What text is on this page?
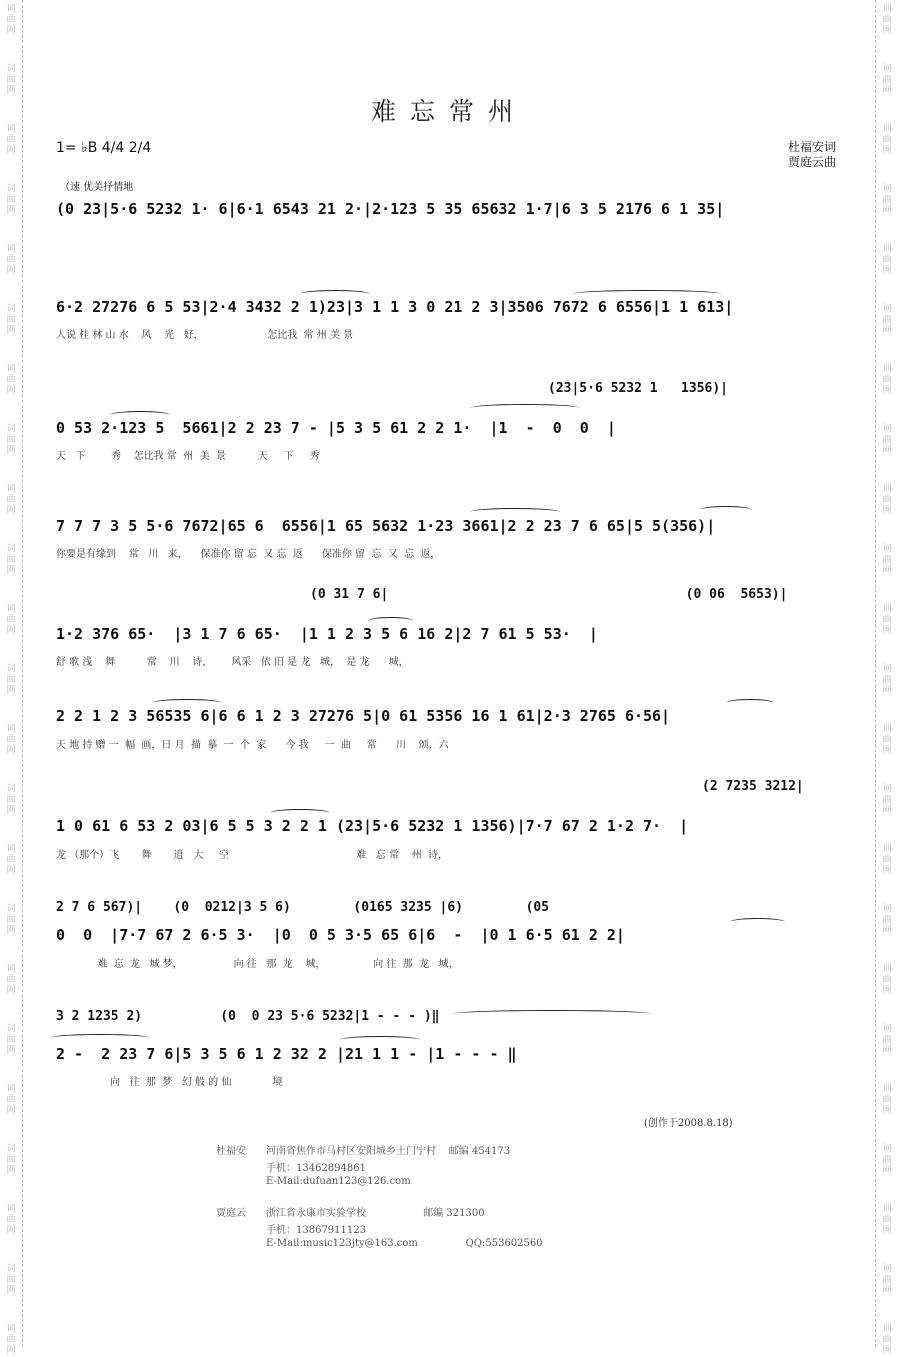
词
曲
网
词
曲
网
词
曲
网
词
曲
网
词
曲
网
词
曲
网
词
曲
网
词
曲
网
词
曲
网
词
曲
网
词
曲
网
词
曲
网
词
曲
网
词
曲
网
词
曲
网
词
曲
网
词
曲
网
词
曲
网
词
曲
网
词
曲
网
词
曲
网
词
曲
网
词
曲
网
词
曲
网
词
曲
网
词
曲
网
词
曲
网
词
曲
网
词
曲
网
词
曲
网
词
曲
网
词
曲
网
词
曲
网
词
曲
网
词
曲
网
词
曲
网
词
曲
网
词
曲
网
词
曲
网
词
曲
网
词
曲
网
词
曲
网
词
曲
网
词
曲
网
词
曲
网
词
曲
网
难忘常州
1= ♭B 4/4 2/4	杜福安词
贾庭云曲
（速 优美抒情地
(0 23|5·6 5232 1· 6|6·1 6543 21 2·|2·123 5 35 65632 1·7|6 3 5 2176 6 1 35|
6·2 27276 6 5 53|2·4 3432 2 1)23|3 1 1 3 0 21 2 3|3506 7672 6 6556|1 1 613|
人说 桂 林 山 水    风    光   好，                    怎比我  常 州 美 景
(23|5·6 5232 1   1356)|
0 53 2·123 5  5661|2 2 23 7 - |5 3 5 61 2 2 1·  |1  -  0  0  |
天   下        秀    怎比我 常  州  美  景          天     下     秀
7 7 7 3 5 5·6 7672|65 6  6556|1 65 5632 1·23 3661|2 2 23 7 6 65|5 5(356)|
你要是有缘到    常   川   来，    保准你 留 忘  又 忘  返      保准你 留  忘  又  忘  返，
(0 31 7 6|                                      (0 06  5653)|
1·2 376 65·  |3 1 7 6 65·  |1 1 2 3 5 6 16 2|2 7 61 5 53·  |
舒 歌 浅    舞          常    川    诗，      风采   依 旧 是 龙   城，  是 龙      城，
2 2 1 2 3 56535 6|6 6 1 2 3 27276 5|0 61 5356 16 1 61|2·3 2765 6·56|
天 地 持 赠 一  幅  画，日 月  描  摹  一  个  家      今 我     一  曲     常      川    颂，六
(2 7235 3212|
1 0 61 6 53 2 03|6 5 5 3 2 2 1 (23|5·6 5232 1 1356)|7·7 67 2 1·2 7·  |
龙 （那个）飞       舞       逍   大     空                                        难   忘 常    州  诗，
2 7 6 567)|    (0  0212|3 5 6)        (0165 3235 |6)        (05
0  0  |7·7 67 2 6·5 3·  |0  0 5 3·5 65 6|6  -  |0 1 6·5 61 2 2|
难  忘  龙   城 梦，                向 往   那  龙    城，               向 往  那  龙   城，
3 2 1235 2)          (0  0 23 5·6 5232|1 - - - )‖
2 -  2 23 7 6|5 3 5 6 1 2 32 2 |21 1 1 - |1 - - - ‖
向   往  那  梦   幻 般 的 仙             境
(创作于2008.8.18)
杜福安 河南省焦作市马村区安阳城乡土门宁村    邮编 454173
手机：13462894861
E-Mail:dufuan123@126.com
贾庭云 浙江省永康市实验学校                  邮编 321300
手机：13867911123
E-Mail:music123jty@163.com               QQ:553602560
